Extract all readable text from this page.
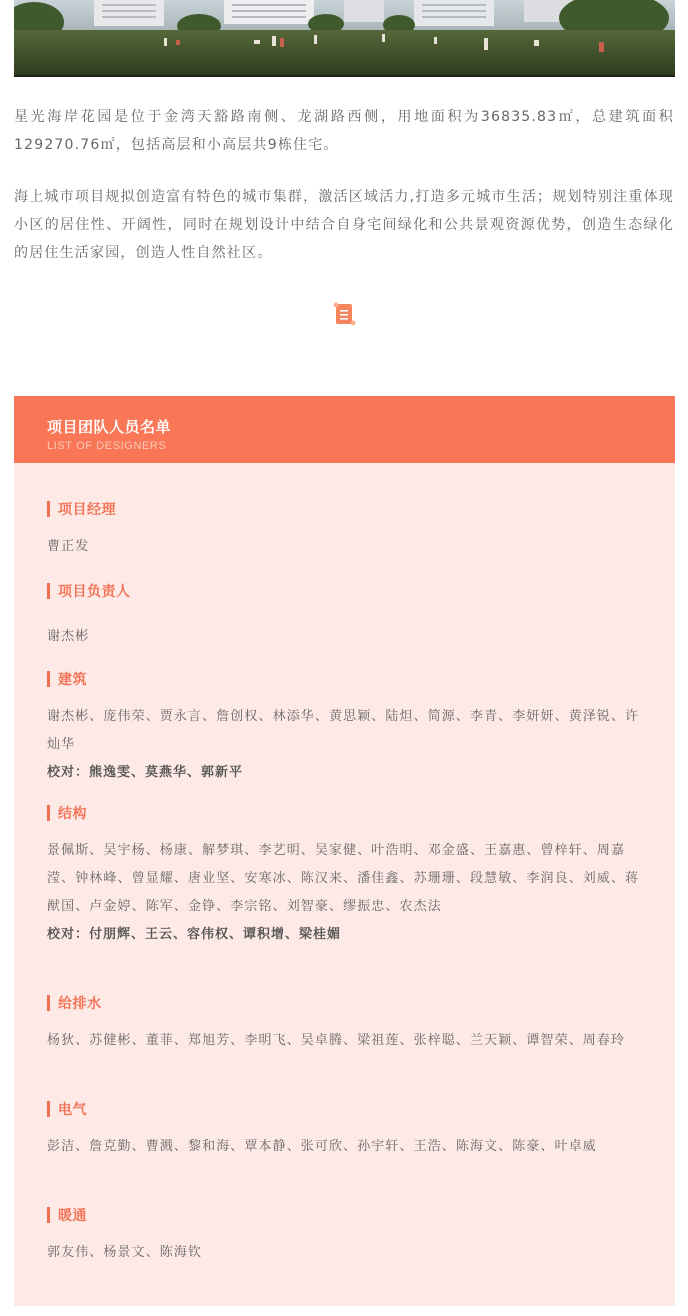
星光海岸花园是位于金湾天豁路南侧、龙湖路西侧，用地面积为36835.83㎡，总建筑面积129270.76㎡，包括高层和小高层共9栋住宅。

海上城市项目规拟创造富有特色的城市集群，激活区域活力,打造多元城市生活；规划特别注重体现小区的居住性、开阔性，同时在规划设计中结合自身宅间绿化和公共景观资源优势，创造生态绿化的居住生活家园，创造人性自然社区。

项目团队人员名单
LIST OF DESIGNERS
项目经理
曹正发
项目负责人
谢杰彬
建筑
谢杰彬、庞伟荣、贾永言、詹创权、林添华、黄思颖、陆炟、简源、李青、李妍妍、黄泽锐、许灿华
校对：熊逸雯、莫燕华、郭新平
结构
景佩斯、吴宇杨、杨康、解梦琪、李艺明、吴家健、叶浩明、邓金盛、王嘉惠、曾梓轩、周嘉滢、钟林峰、曾显耀、唐业坚、安寒冰、陈汉来、潘佳鑫、苏珊珊、段慧敏、李润良、刘威、蒋猷国、卢金婷、陈军、金铮、李宗铭、刘智豪、缪振忠、农杰法
校对：付朋辉、王云、容伟权、谭积增、梁桂媚
给排水
杨狄、苏健彬、董菲、郑旭芳、李明飞、吴卓腾、梁祖莲、张梓聪、兰天颖、谭智荣、周春玲
电气
彭洁、詹克勤、曹溅、黎和海、覃本静、张可欣、孙宇轩、王浩、陈海文、陈豪、叶卓威
暖通
郭友伟、杨景文、陈海钦
